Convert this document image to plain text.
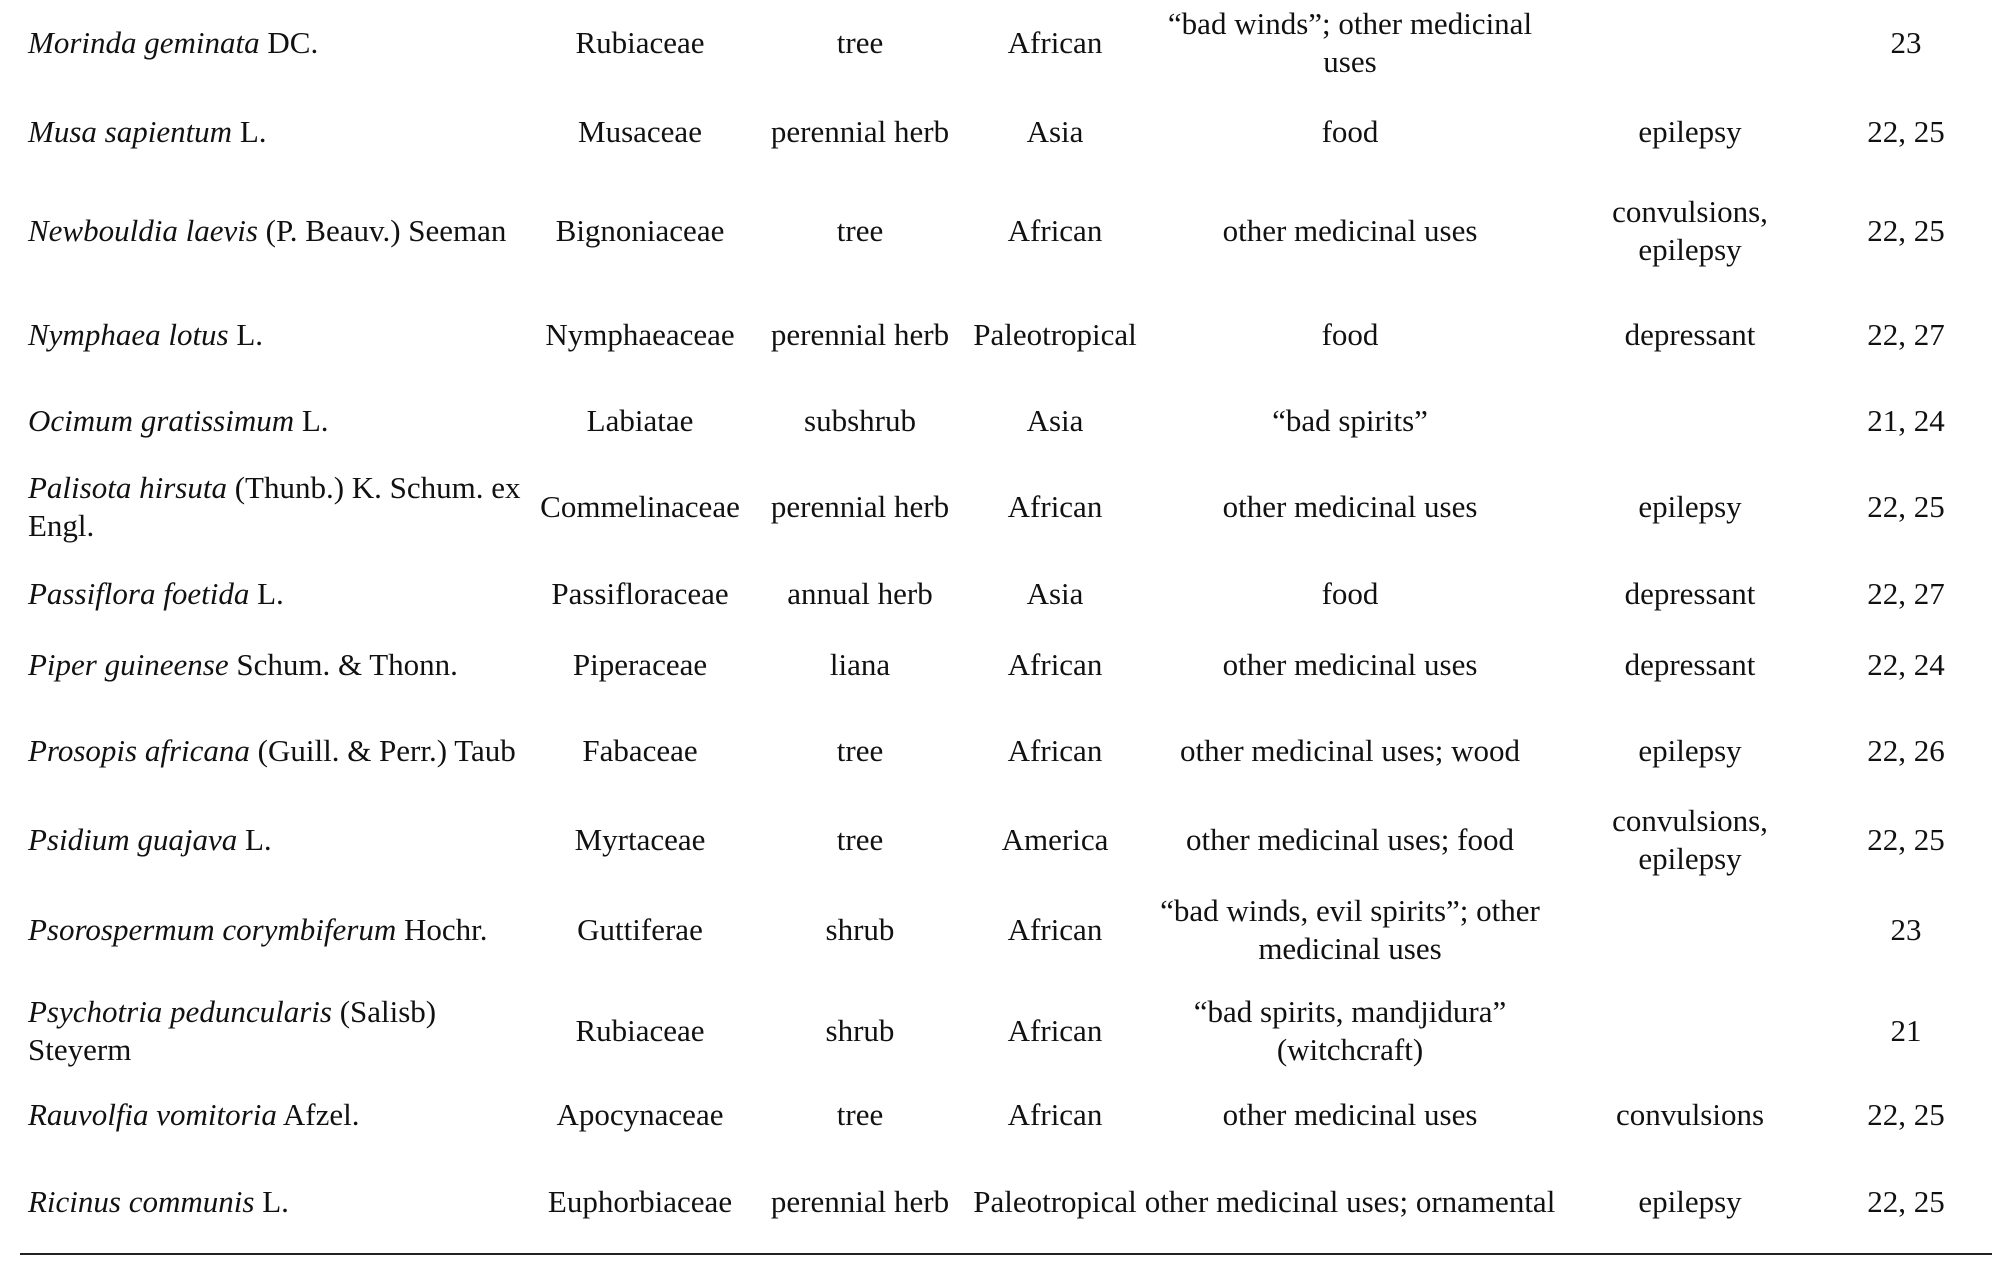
Morinda geminata DC.	Rubiaceae	tree	African	“bad winds”; other medicinal uses		23
Musa sapientum L.	Musaceae	perennial herb	Asia	food	epilepsy	22, 25
Newbouldia laevis (P. Beauv.) Seeman	Bignoniaceae	tree	African	other medicinal uses	convulsions, epilepsy	22, 25
Nymphaea lotus L.	Nymphaeaceae	perennial herb	Paleotropical	food	depressant	22, 27
Ocimum gratissimum L.	Labiatae	subshrub	Asia	“bad spirits”		21, 24
Palisota hirsuta (Thunb.) K. Schum. ex Engl.	Commelinaceae	perennial herb	African	other medicinal uses	epilepsy	22, 25
Passiflora foetida L.	Passifloraceae	annual herb	Asia	food	depressant	22, 27
Piper guineense Schum. & Thonn.	Piperaceae	liana	African	other medicinal uses	depressant	22, 24
Prosopis africana (Guill. & Perr.) Taub	Fabaceae	tree	African	other medicinal uses; wood	epilepsy	22, 26
Psidium guajava L.	Myrtaceae	tree	America	other medicinal uses; food	convulsions, epilepsy	22, 25
Psorospermum corymbiferum Hochr.	Guttiferae	shrub	African	“bad winds, evil spirits”; other medicinal uses		23
Psychotria peduncularis (Salisb) Steyerm	Rubiaceae	shrub	African	“bad spirits, mandjidura” (witchcraft)		21
Rauvolfia vomitoria Afzel.	Apocynaceae	tree	African	other medicinal uses	convulsions	22, 25
Ricinus communis L.	Euphorbiaceae	perennial herb	Paleotropical	other medicinal uses; ornamental	epilepsy	22, 25
